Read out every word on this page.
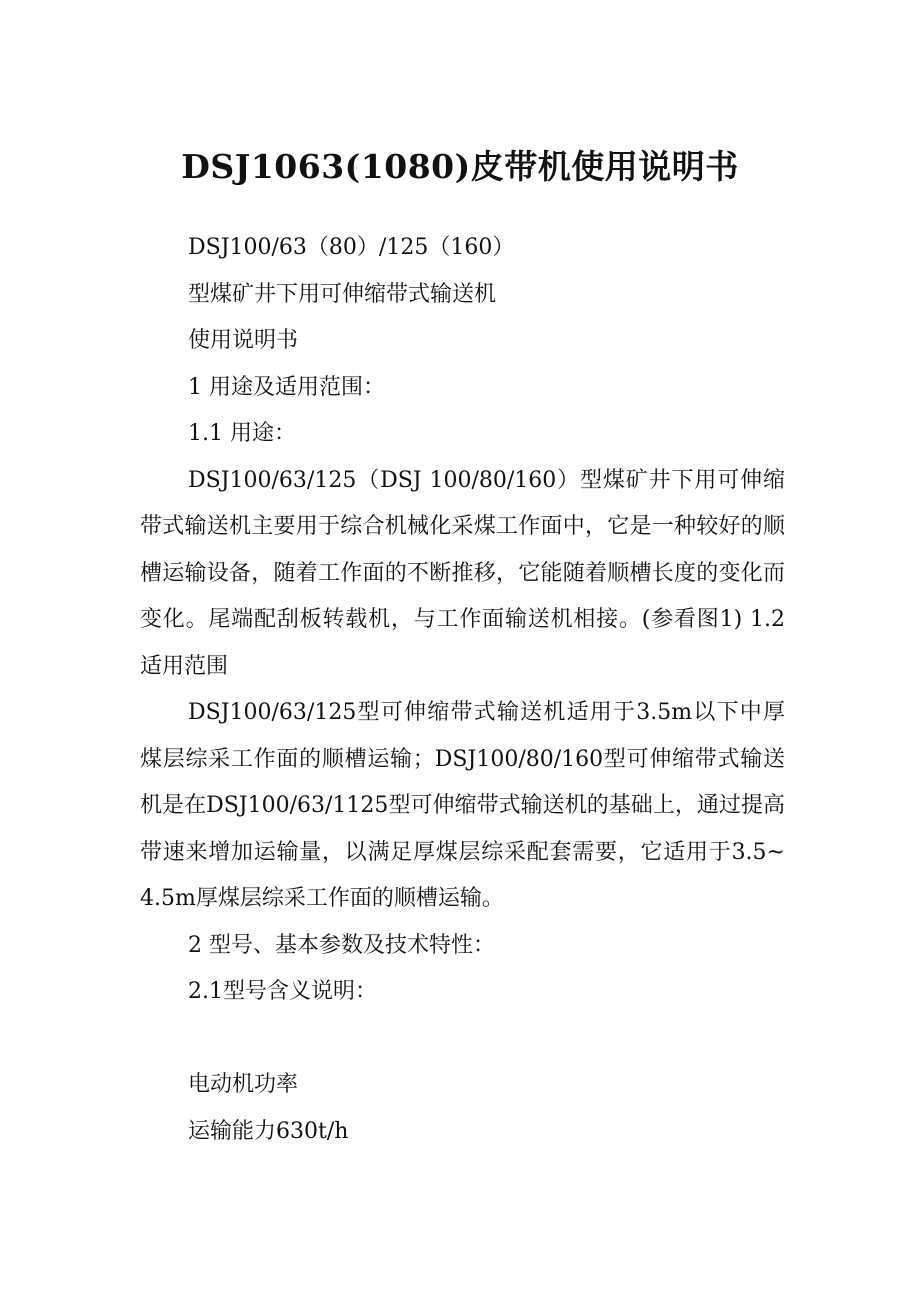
DSJ1063(1080)皮带机使用说明书

DSJ100/63（80）/125（160）

型煤矿井下用可伸缩带式输送机

使用说明书

1 用途及适用范围：

1.1 用途：

DSJ100/63/125（DSJ 100/80/160）型煤矿井下用可伸缩带式输送机主要用于综合机械化采煤工作面中，它是一种较好的顺槽运输设备，随着工作面的不断推移，它能随着顺槽长度的变化而变化。尾端配刮板转载机，与工作面输送机相接。(参看图1) 1.2 适用范围

DSJ100/63/125型可伸缩带式输送机适用于3.5m以下中厚煤层综采工作面的顺槽运输；DSJ100/80/160型可伸缩带式输送机是在DSJ100/63/1125型可伸缩带式输送机的基础上，通过提高带速来增加运输量，以满足厚煤层综采配套需要，它适用于3.5~4.5m厚煤层综采工作面的顺槽运输。

2 型号、基本参数及技术特性：

2.1型号含义说明：

电动机功率

运输能力630t/h
